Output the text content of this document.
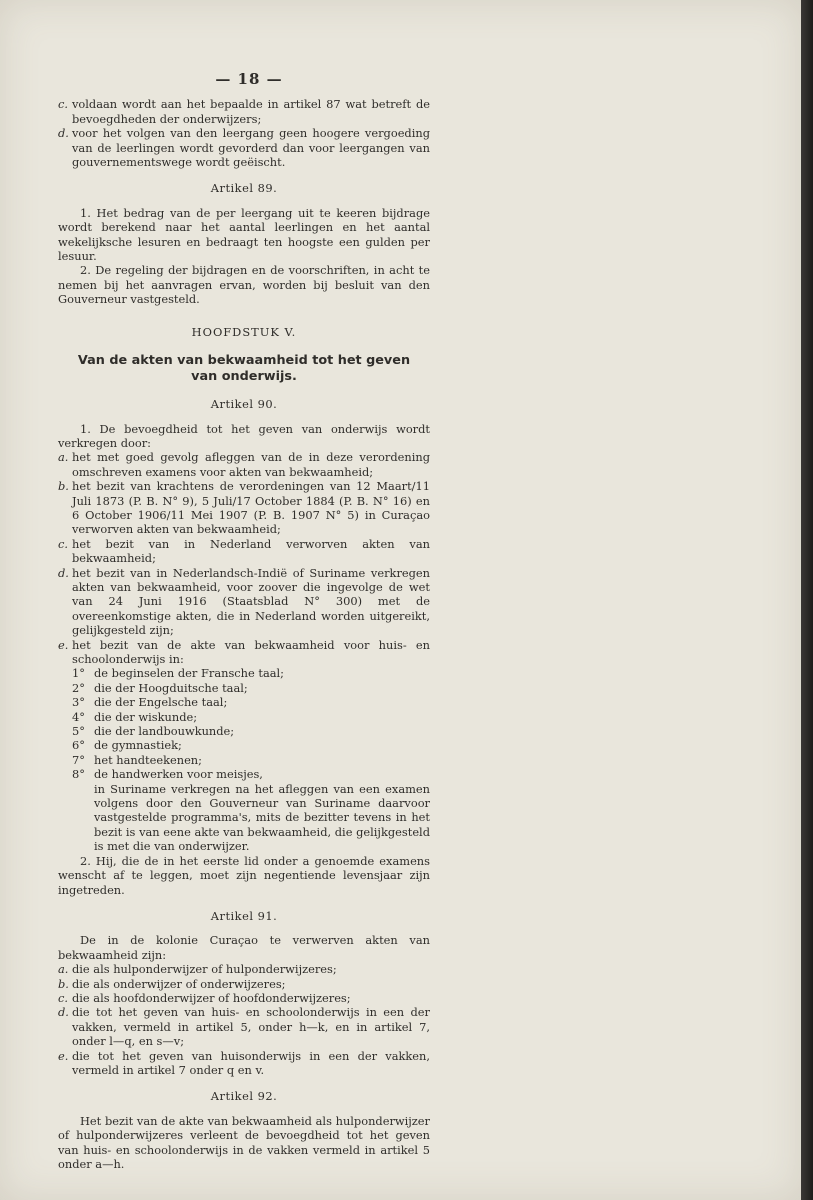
— 18 —
c. voldaan wordt aan het bepaalde in artikel 87 wat betreft de bevoegdheden der onderwijzers;
d. voor het volgen van den leergang geen hoogere vergoeding van de leerlingen wordt gevorderd dan voor leergangen van gouvernementswege wordt geëischt.
Artikel 89.

1. Het bedrag van de per leergang uit te keeren bijdrage wordt berekend naar het aantal leerlingen en het aantal wekelijksche lesuren en bedraagt ten hoogste een gulden per lesuur.

2. De regeling der bijdragen en de voorschriften, in acht te nemen bij het aanvragen ervan, worden bij besluit van den Gouverneur vastgesteld.

HOOFDSTUK V.
Van de akten van bekwaamheid tot het geven
van onderwijs.
Artikel 90.

1. De bevoegdheid tot het geven van onderwijs wordt verkregen door:

a. het met goed gevolg afleggen van de in deze verordening omschreven examens voor akten van bekwaamheid;
b. het bezit van krachtens de verordeningen van 12 Maart/11 Juli 1873 (P. B. N° 9), 5 Juli/17 October 1884 (P. B. N° 16) en 6 October 1906/11 Mei 1907 (P. B. 1907 N° 5) in Curaçao verworven akten van bekwaamheid;
c. het bezit van in Nederland verworven akten van bekwaamheid;
d. het bezit van in Nederlandsch-Indië of Suriname verkregen akten van bekwaamheid, voor zoover die ingevolge de wet van 24 Juni 1916 (Staatsblad N° 300) met de overeenkomstige akten, die in Nederland worden uitgereikt, gelijkgesteld zijn;
e. het bezit van de akte van bekwaamheid voor huis- en schoolonderwijs in:
1° de beginselen der Fransche taal;
2° die der Hoogduitsche taal;
3° die der Engelsche taal;
4° die der wiskunde;
5° die der landbouwkunde;
6° de gymnastiek;
7° het handteekenen;
8° de handwerken voor meisjes,
in Suriname verkregen na het afleggen van een examen volgens door den Gouverneur van Suriname daarvoor vastgestelde programma's, mits de bezitter tevens in het bezit is van eene akte van bekwaamheid, die gelijkgesteld is met die van onderwijzer.

2. Hij, die de in het eerste lid onder a genoemde examens wenscht af te leggen, moet zijn negentiende levensjaar zijn ingetreden.

Artikel 91.

De in de kolonie Curaçao te verwerven akten van bekwaamheid zijn:

a. die als hulponderwijzer of hulponderwijzeres;
b. die als onderwijzer of onderwijzeres;
c. die als hoofdonderwijzer of hoofdonderwijzeres;
d. die tot het geven van huis- en schoolonderwijs in een der vakken, vermeld in artikel 5, onder h—k, en in artikel 7, onder l—q, en s—v;
e. die tot het geven van huisonderwijs in een der vakken, vermeld in artikel 7 onder q en v.
Artikel 92.

Het bezit van de akte van bekwaamheid als hulponderwijzer of hulponderwijzeres verleent de bevoegdheid tot het geven van huis- en schoolonderwijs in de vakken vermeld in artikel 5 onder a—h.
